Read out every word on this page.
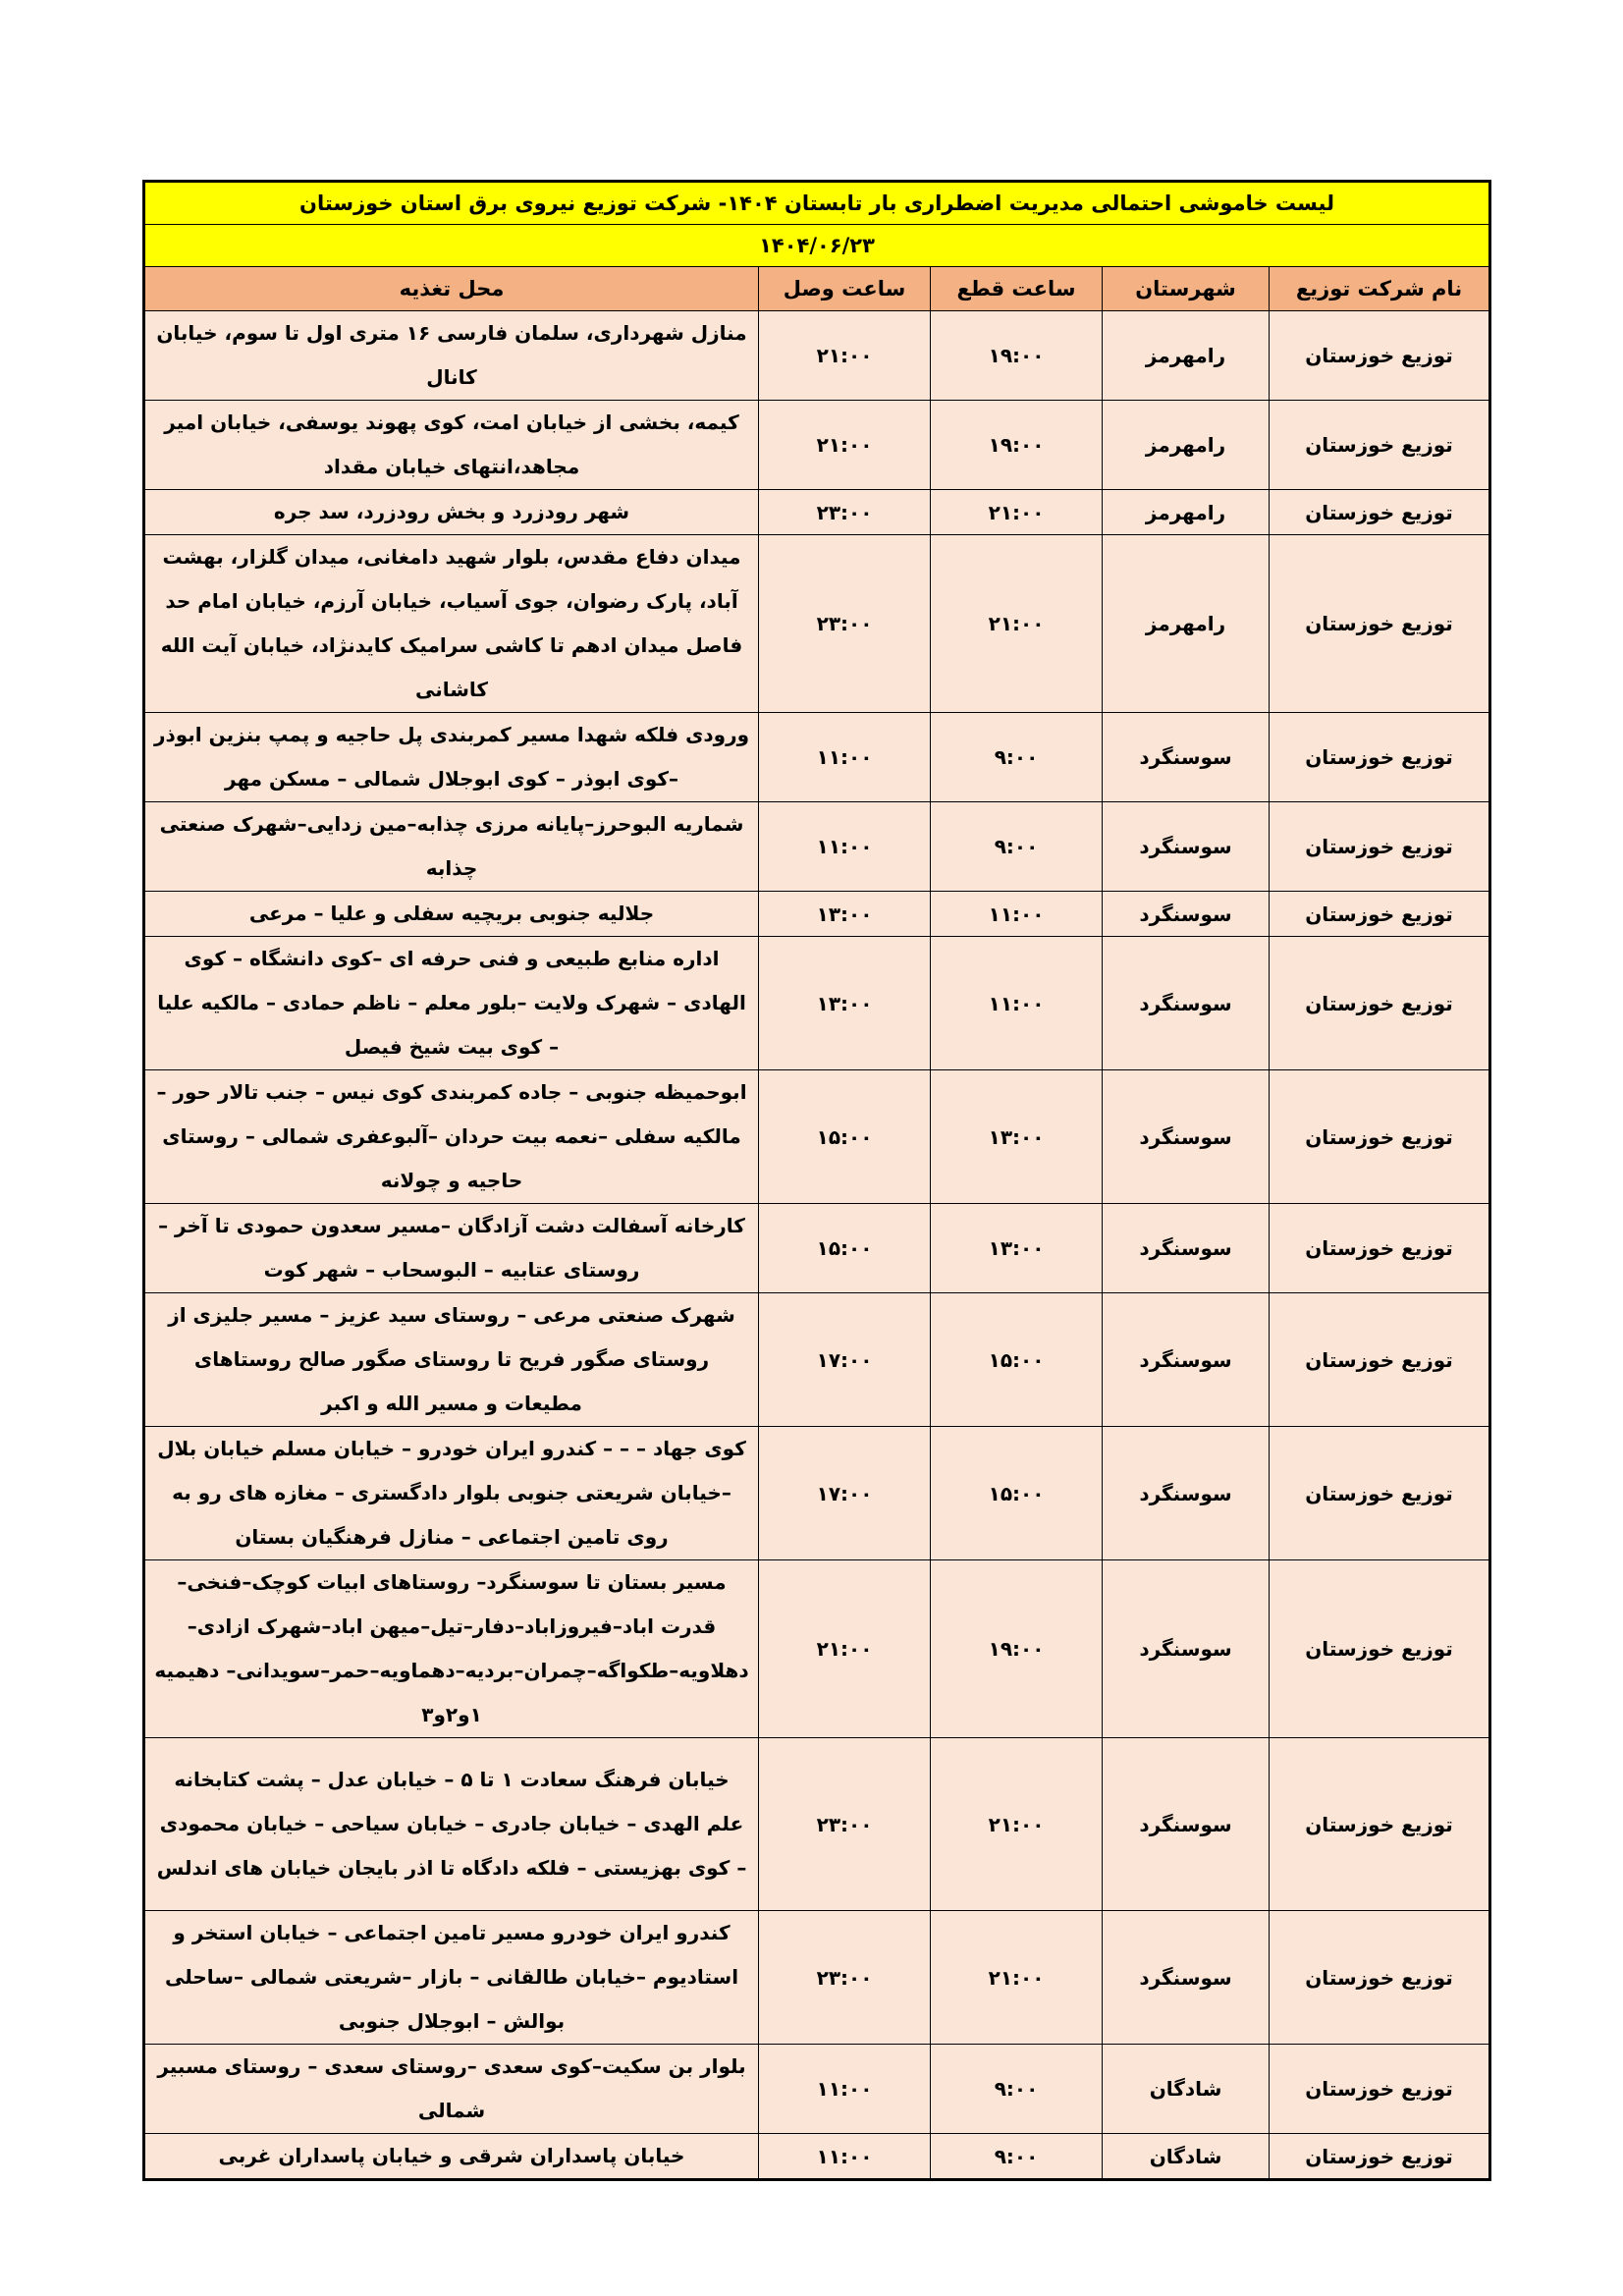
لیست خاموشی احتمالی مدیریت اضطراری بار تابستان ۱۴۰۴- شرکت توزیع نیروی برق استان خوزستان				
۱۴۰۴/۰۶/۲۳				
نام شرکت توزیع	شهرستان	ساعت قطع	ساعت وصل	محل تغذیه
توزیع خوزستان	رامهرمز	۱۹:۰۰	۲۱:۰۰	منازل شهرداری، سلمان فارسی ۱۶ متری اول تا سوم، خیابان کانال
توزیع خوزستان	رامهرمز	۱۹:۰۰	۲۱:۰۰	کیمه، بخشی از خیابان امت، کوی پهوند یوسفی، خیابان امیر مجاهد،انتهای خیابان مقداد
توزیع خوزستان	رامهرمز	۲۱:۰۰	۲۳:۰۰	شهر رودزرد و بخش رودزرد، سد جره
توزیع خوزستان	رامهرمز	۲۱:۰۰	۲۳:۰۰	میدان دفاع مقدس، بلوار شهید دامغانی، میدان گلزار، بهشت آباد، پارک رضوان، جوی آسیاب، خیابان آرزم، خیابان امام حد فاصل میدان ادهم تا کاشی سرامیک کایدنژاد، خیابان آیت الله کاشانی
توزیع خوزستان	سوسنگرد	۹:۰۰	۱۱:۰۰	ورودی فلکه شهدا مسیر کمربندی پل حاجیه و پمپ بنزین ابوذر –کوی ابوذر – کوی ابوجلال شمالی – مسکن مهر
توزیع خوزستان	سوسنگرد	۹:۰۰	۱۱:۰۰	شماریه البوحرز–پایانه مرزی چذابه–مین زدایی–شهرک صنعتی چذابه
توزیع خوزستان	سوسنگرد	۱۱:۰۰	۱۳:۰۰	جلالیه جنوبی بریچیه سفلی و علیا – مرعی
توزیع خوزستان	سوسنگرد	۱۱:۰۰	۱۳:۰۰	اداره منابع طبیعی و فنی حرفه ای –کوی دانشگاه – کوی الهادی – شهرک ولایت –بلور معلم – ناظم حمادی – مالکیه علیا – کوی بیت شیخ فیصل
توزیع خوزستان	سوسنگرد	۱۳:۰۰	۱۵:۰۰	ابوحمیظه جنوبی – جاده کمربندی کوی نیس – جنب تالار حور – مالکیه سفلی –نعمه بیت حردان –آلبوعفری شمالی – روستای حاجیه و چولانه
توزیع خوزستان	سوسنگرد	۱۳:۰۰	۱۵:۰۰	کارخانه آسفالت دشت آزادگان –مسیر سعدون حمودی تا آخر – روستای عتابیه – البوسحاب – شهر کوت
توزیع خوزستان	سوسنگرد	۱۵:۰۰	۱۷:۰۰	شهرک صنعتی مرعی – روستای سید عزیز – مسیر جلیزی از روستای صگور فریح تا روستای صگور صالح روستاهای مطیعات و مسیر الله و اکبر
توزیع خوزستان	سوسنگرد	۱۵:۰۰	۱۷:۰۰	کوی جهاد – – – کندرو ایران خودرو – خیابان مسلم خیابان بلال –خیابان شریعتی جنوبی بلوار دادگستری – مغازه های رو به روی تامین اجتماعی – منازل فرهنگیان بستان
توزیع خوزستان	سوسنگرد	۱۹:۰۰	۲۱:۰۰	مسیر بستان تا سوسنگرد– روستاهای ابیات کوچک–فنخی– قدرت اباد–فیروزاباد–دفار–تیل–میهن اباد–شهرک ازادی– دهلاویه–طکواگه–چمران–بردیه–دهماویه–حمر–سویدانی– دهیمیه ۱و۲و۳
توزیع خوزستان	سوسنگرد	۲۱:۰۰	۲۳:۰۰	خیابان فرهنگ سعادت ۱ تا ۵ – خیابان عدل – پشت کتابخانه علم الهدی – خیابان جادری – خیابان سیاحی – خیابان محمودی – کوی بهزیستی – فلکه دادگاه تا اذر بایجان خیابان های اندلس
توزیع خوزستان	سوسنگرد	۲۱:۰۰	۲۳:۰۰	کندرو ایران خودرو مسیر تامین اجتماعی – خیابان استخر و استادیوم –خیابان طالقانی – بازار –شریعتی شمالی –ساحلی بوالش – ابوجلال جنوبی
توزیع خوزستان	شادگان	۹:۰۰	۱۱:۰۰	بلوار بن سکیت–کوی سعدی –روستای سعدی – روستای مسبیر شمالی
توزیع خوزستان	شادگان	۹:۰۰	۱۱:۰۰	خیابان پاسداران شرقی و خیابان پاسداران غربی
